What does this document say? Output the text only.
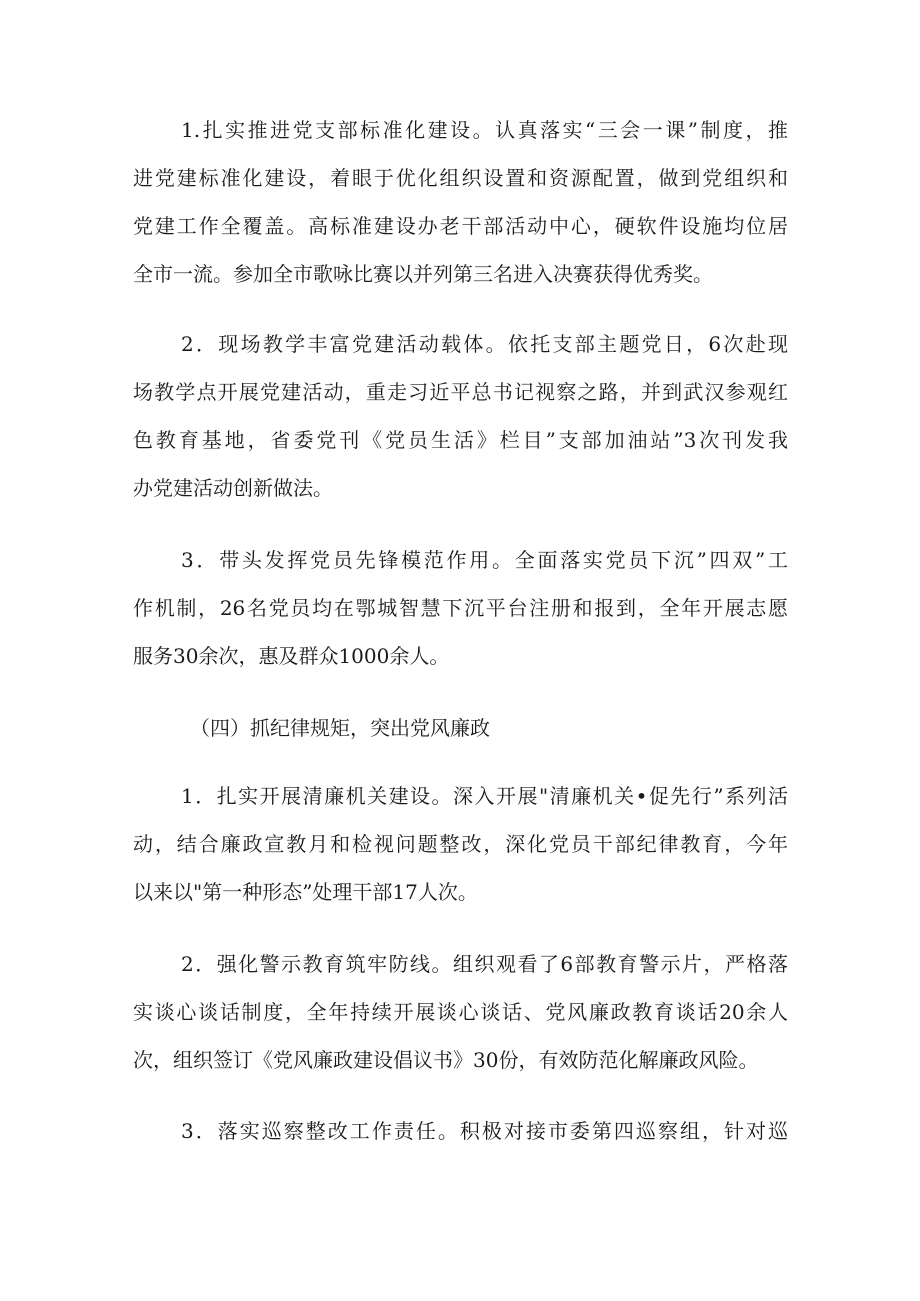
1.扎实推进党支部标准化建设。认真落实“三会一课”制度，推
进党建标准化建设，着眼于优化组织设置和资源配置，做到党组织和
党建工作全覆盖。高标准建设办老干部活动中心，硬软件设施均位居
全市一流。参加全市歌咏比赛以并列第三名进入决赛获得优秀奖。
2．现场教学丰富党建活动载体。依托支部主题党日，6次赴现
场教学点开展党建活动，重走习近平总书记视察之路，并到武汉参观红
色教育基地，省委党刊《党员生活》栏目”支部加油站”3次刊发我
办党建活动创新做法。
3．带头发挥党员先锋模范作用。全面落实党员下沉”四双”工
作机制，26名党员均在鄂城智慧下沉平台注册和报到，全年开展志愿
服务30余次，惠及群众1000余人。
（四）抓纪律规矩，突出党风廉政
1．扎实开展清廉机关建设。深入开展"清廉机关•促先行”系列活
动，结合廉政宣教月和检视问题整改，深化党员干部纪律教育，今年
以来以"第一种形态”处理干部17人次。
2．强化警示教育筑牢防线。组织观看了6部教育警示片，严格落
实谈心谈话制度，全年持续开展谈心谈话、党风廉政教育谈话20余人
次，组织签订《党风廉政建设倡议书》30份，有效防范化解廉政风险。
3．落实巡察整改工作责任。积极对接市委第四巡察组，针对巡
